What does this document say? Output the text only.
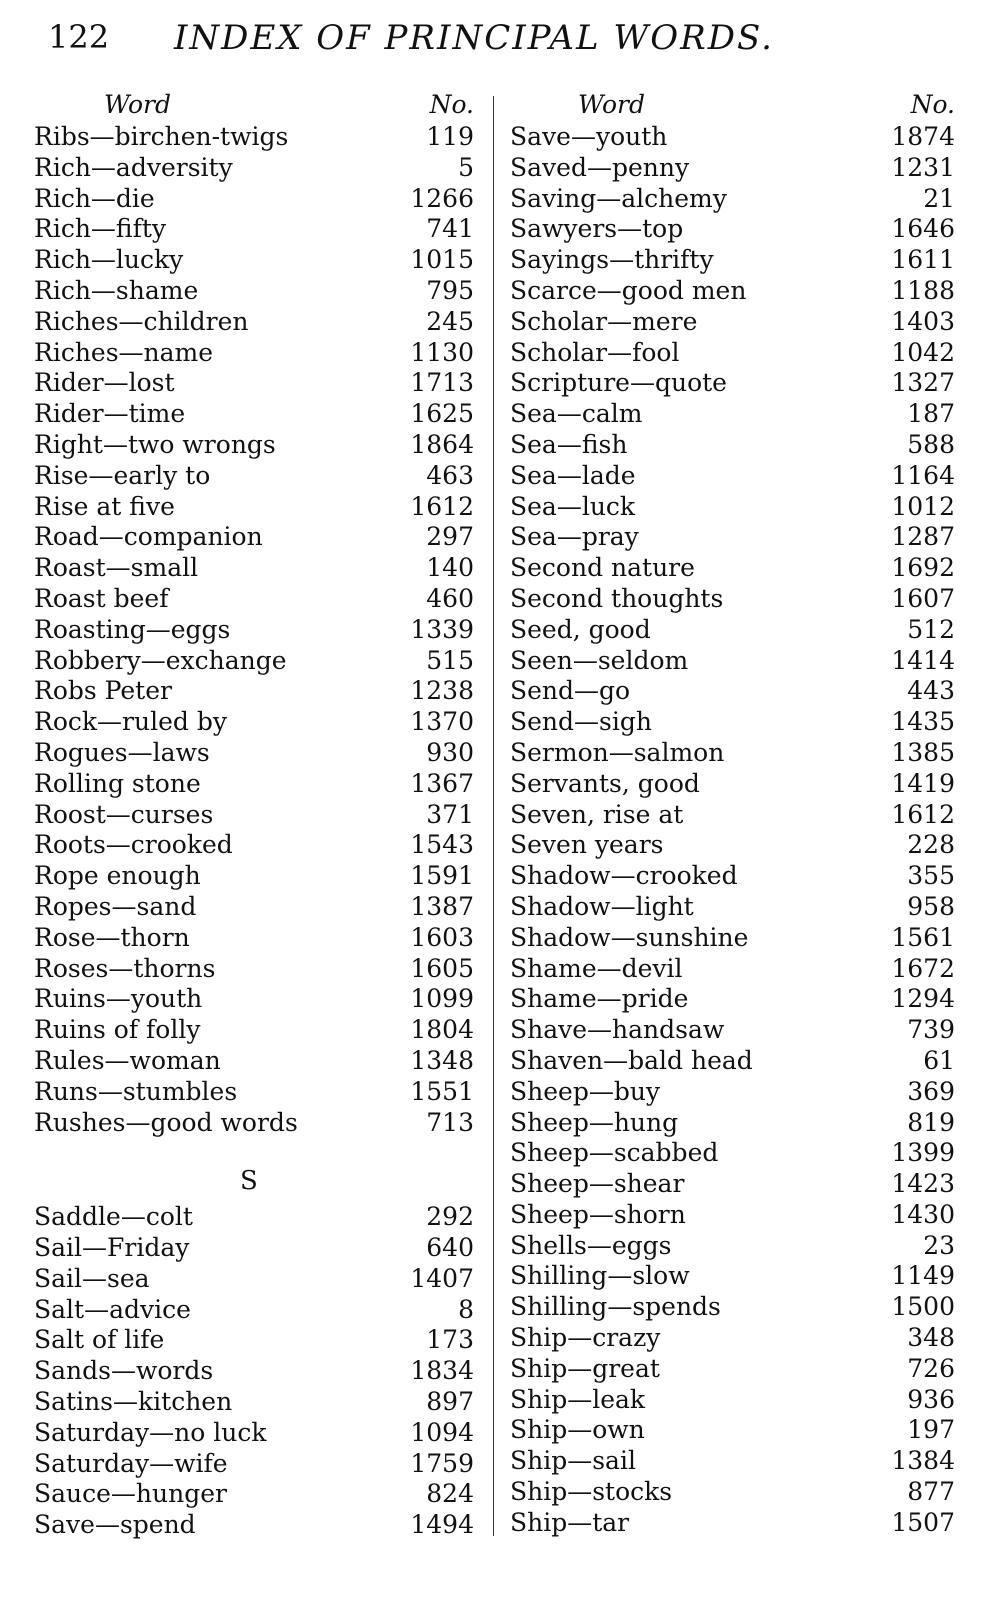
122 INDEX OF PRINCIPAL WORDS.
Word	No.
Ribs—birchen-twigs	119
Rich—adversity	5
Rich—die	1266
Rich—fifty	741
Rich—lucky	1015
Rich—shame	795
Riches—children	245
Riches—name	1130
Rider—lost	1713
Rider—time	1625
Right—two wrongs	1864
Rise—early to	463
Rise at five	1612
Road—companion	297
Roast—small	140
Roast beef	460
Roasting—eggs	1339
Robbery—exchange	515
Robs Peter	1238
Rock—ruled by	1370
Rogues—laws	930
Rolling stone	1367
Roost—curses	371
Roots—crooked	1543
Rope enough	1591
Ropes—sand	1387
Rose—thorn	1603
Roses—thorns	1605
Ruins—youth	1099
Ruins of folly	1804
Rules—woman	1348
Runs—stumbles	1551
Rushes—good words	713
S
Saddle—colt	292
Sail—Friday	640
Sail—sea	1407
Salt—advice	8
Salt of life	173
Sands—words	1834
Satins—kitchen	897
Saturday—no luck	1094
Saturday—wife	1759
Sauce—hunger	824
Save—spend	1494
Word	No.
Save—youth	1874
Saved—penny	1231
Saving—alchemy	21
Sawyers—top	1646
Sayings—thrifty	1611
Scarce—good men	1188
Scholar—mere	1403
Scholar—fool	1042
Scripture—quote	1327
Sea—calm	187
Sea—fish	588
Sea—lade	1164
Sea—luck	1012
Sea—pray	1287
Second nature	1692
Second thoughts	1607
Seed, good	512
Seen—seldom	1414
Send—go	443
Send—sigh	1435
Sermon—salmon	1385
Servants, good	1419
Seven, rise at	1612
Seven years	228
Shadow—crooked	355
Shadow—light	958
Shadow—sunshine	1561
Shame—devil	1672
Shame—pride	1294
Shave—handsaw	739
Shaven—bald head	61
Sheep—buy	369
Sheep—hung	819
Sheep—scabbed	1399
Sheep—shear	1423
Sheep—shorn	1430
Shells—eggs	23
Shilling—slow	1149
Shilling—spends	1500
Ship—crazy	348
Ship—great	726
Ship—leak	936
Ship—own	197
Ship—sail	1384
Ship—stocks	877
Ship—tar	1507
